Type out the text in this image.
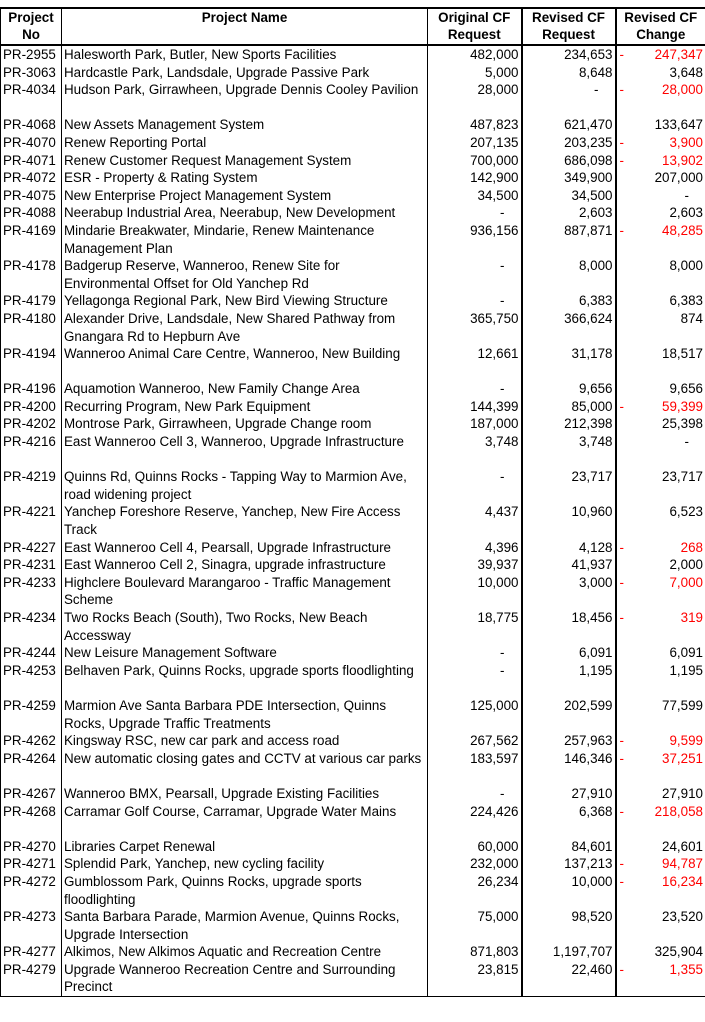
Project No	Project Name	Original CF Request	Revised CF Request	Revised CF Change
PR-2955	Halesworth Park, Butler, New Sports Facilities	482,000	234,653	- 247,347
PR-3063	Hardcastle Park, Landsdale, Upgrade Passive Park	5,000	8,648	3,648
PR-4034	Hudson Park, Girrawheen, Upgrade Dennis Cooley Pavilion	28,000	-	- 28,000
PR-4068	New Assets Management System	487,823	621,470	133,647
PR-4070	Renew Reporting Portal	207,135	203,235	- 3,900
PR-4071	Renew Customer Request Management System	700,000	686,098	- 13,902
PR-4072	ESR - Property & Rating System	142,900	349,900	207,000
PR-4075	New Enterprise Project Management System	34,500	34,500	-
PR-4088	Neerabup Industrial Area, Neerabup, New Development	-	2,603	2,603
PR-4169	Mindarie Breakwater, Mindarie, Renew Maintenance Management Plan	936,156	887,871	- 48,285
PR-4178	Badgerup Reserve, Wanneroo, Renew Site for Environmental Offset for Old Yanchep Rd	-	8,000	8,000
PR-4179	Yellagonga Regional Park, New Bird Viewing Structure	-	6,383	6,383
PR-4180	Alexander Drive, Landsdale, New Shared Pathway from Gnangara Rd to Hepburn Ave	365,750	366,624	874
PR-4194	Wanneroo Animal Care Centre, Wanneroo, New Building	12,661	31,178	18,517
PR-4196	Aquamotion Wanneroo, New Family Change Area	-	9,656	9,656
PR-4200	Recurring Program, New Park Equipment	144,399	85,000	- 59,399
PR-4202	Montrose Park, Girrawheen, Upgrade Change room	187,000	212,398	25,398
PR-4216	East Wanneroo Cell 3, Wanneroo, Upgrade Infrastructure	3,748	3,748	-
PR-4219	Quinns Rd, Quinns Rocks - Tapping Way to Marmion Ave, road widening project	-	23,717	23,717
PR-4221	Yanchep Foreshore Reserve, Yanchep, New Fire Access Track	4,437	10,960	6,523
PR-4227	East Wanneroo Cell 4, Pearsall, Upgrade Infrastructure	4,396	4,128	- 268
PR-4231	East Wanneroo Cell 2, Sinagra, upgrade infrastructure	39,937	41,937	2,000
PR-4233	Highclere Boulevard Marangaroo - Traffic Management Scheme	10,000	3,000	- 7,000
PR-4234	Two Rocks Beach (South), Two Rocks, New Beach Accessway	18,775	18,456	- 319
PR-4244	New Leisure Management Software	-	6,091	6,091
PR-4253	Belhaven Park, Quinns Rocks, upgrade sports floodlighting	-	1,195	1,195
PR-4259	Marmion Ave Santa Barbara PDE Intersection, Quinns Rocks, Upgrade Traffic Treatments	125,000	202,599	77,599
PR-4262	Kingsway RSC, new car park and access road	267,562	257,963	- 9,599
PR-4264	New automatic closing gates and CCTV at various car parks	183,597	146,346	- 37,251
PR-4267	Wanneroo BMX, Pearsall, Upgrade Existing Facilities	-	27,910	27,910
PR-4268	Carramar Golf Course, Carramar, Upgrade Water Mains	224,426	6,368	- 218,058
PR-4270	Libraries Carpet Renewal	60,000	84,601	24,601
PR-4271	Splendid Park, Yanchep, new cycling facility	232,000	137,213	- 94,787
PR-4272	Gumblossom Park, Quinns Rocks, upgrade sports floodlighting	26,234	10,000	- 16,234
PR-4273	Santa Barbara Parade, Marmion Avenue, Quinns Rocks, Upgrade Intersection	75,000	98,520	23,520
PR-4277	Alkimos, New Alkimos Aquatic and Recreation Centre	871,803	1,197,707	325,904
PR-4279	Upgrade Wanneroo Recreation Centre and Surrounding Precinct	23,815	22,460	- 1,355
